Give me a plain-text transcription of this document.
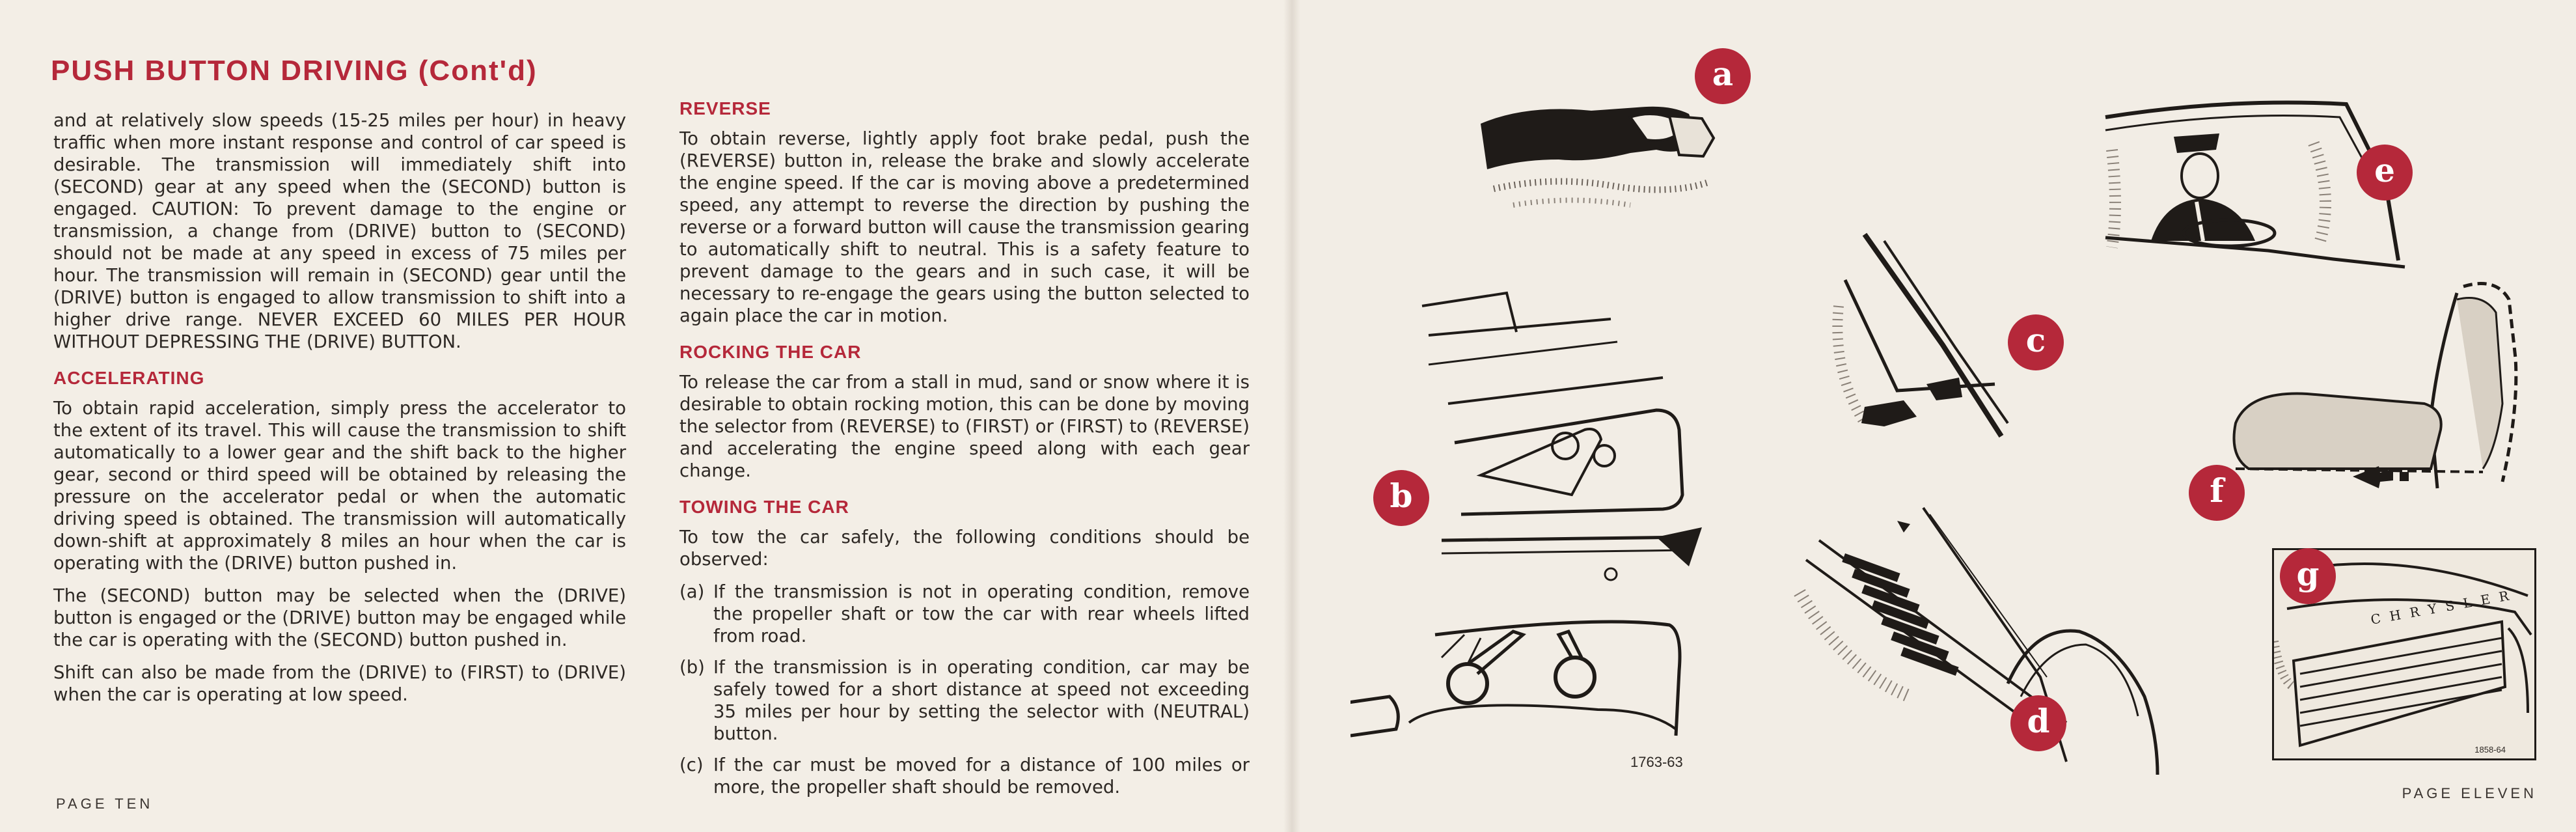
PUSH BUTTON DRIVING (Cont'd)

and at relatively slow speeds (15-25 miles per hour) in heavy traffic when more instant response and control of car speed is desirable. The transmission will immediately shift into (SECOND) gear at any speed when the (SECOND) button is engaged. CAUTION: To prevent damage to the engine or transmission, a change from (DRIVE) button to (SECOND) should not be made at any speed in excess of 75 miles per hour. The transmission will remain in (SECOND) gear until the (DRIVE) button is engaged to allow transmission to shift into a higher drive range. NEVER EXCEED 60 MILES PER HOUR WITHOUT DEPRESSING THE (DRIVE) BUTTON.

ACCELERATING

To obtain rapid acceleration, simply press the accelerator to the extent of its travel. This will cause the transmission to shift automatically to a lower gear and the shift back to the higher gear, second or third speed will be obtained by releasing the pressure on the accelerator pedal or when the automatic driving speed is obtained. The transmission will automatically down-shift at approximately 8 miles an hour when the car is operating with the (DRIVE) button pushed in.

The (SECOND) button may be selected when the (DRIVE) button is engaged or the (DRIVE) button may be engaged while the car is operating with the (SECOND) button pushed in.

Shift can also be made from the (DRIVE) to (FIRST) to (DRIVE) when the car is operating at low speed.

REVERSE

To obtain reverse, lightly apply foot brake pedal, push the (REVERSE) button in, release the brake and slowly accelerate the engine speed. If the car is moving above a predetermined speed, any attempt to reverse the direction by pushing the reverse or a forward button will cause the transmission gearing to automatically shift to neutral. This is a safety feature to prevent damage to the gears and in such case, it will be necessary to re-engage the gears using the button selected to again place the car in motion.

ROCKING THE CAR

To release the car from a stall in mud, sand or snow where it is desirable to obtain rocking motion, this can be done by moving the selector from (REVERSE) to (FIRST) or (FIRST) to (REVERSE) and accelerating the engine speed along with each gear change.

TOWING THE CAR

To tow the car safely, the following conditions should be observed:

(a) If the transmission is not in operating condition, remove the propeller shaft or tow the car with rear wheels lifted from road.
(b) If the transmission is in operating condition, car may be safely towed for a short distance at speed not exceeding 35 miles per hour by setting the selector with (NEUTRAL) button.
(c) If the car must be moved for a distance of 100 miles or more, the propeller shaft should be removed.
PAGE TEN
a
b
1763-63
c
d
e
f
CHRYSLER
1858-64
g
PAGE ELEVEN
